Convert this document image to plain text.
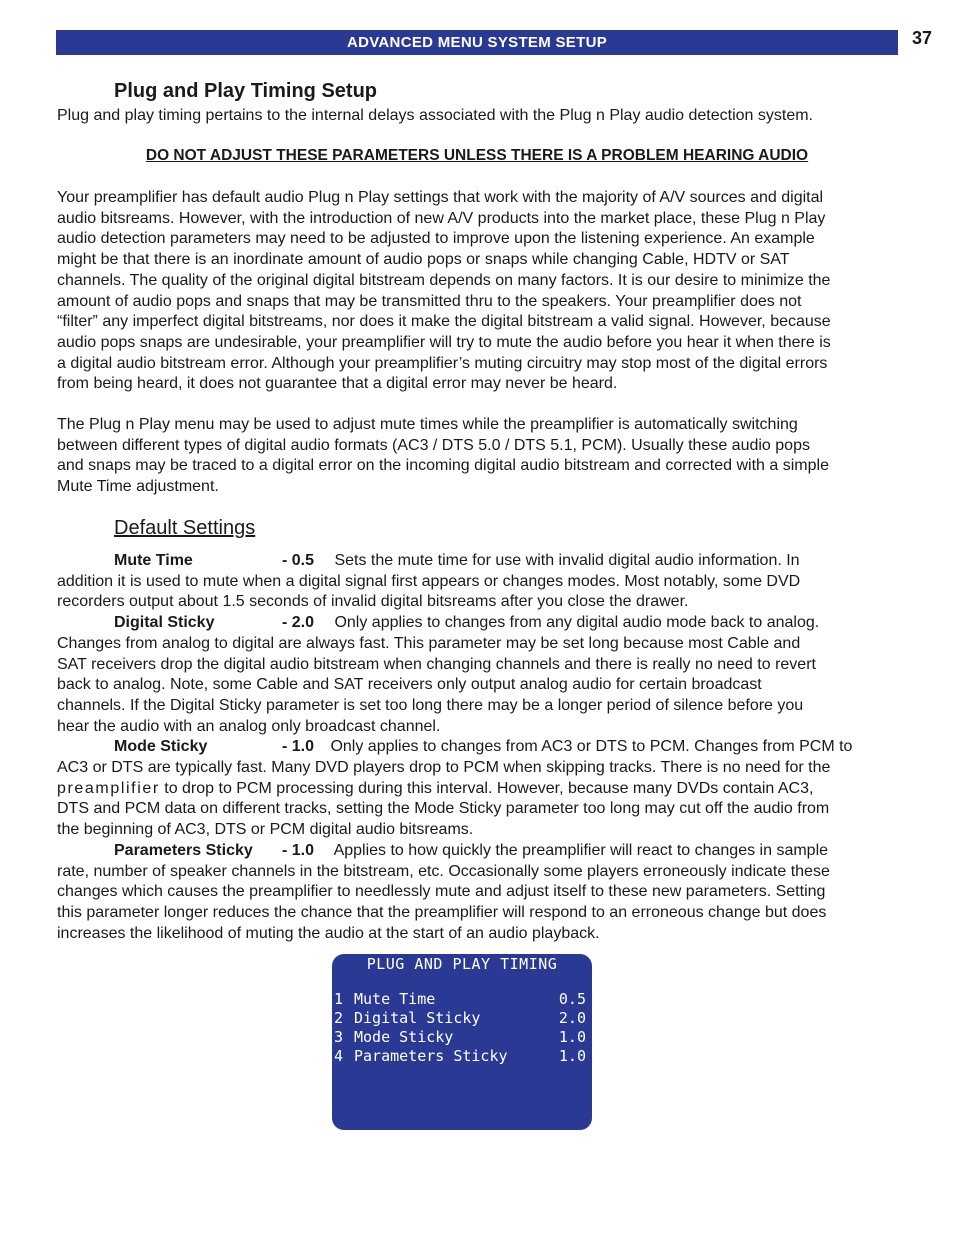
ADVANCED MENU SYSTEM SETUP	37
Plug and Play Timing Setup

Plug and play timing pertains to the internal delays associated with the Plug n Play audio detection system.

DO NOT ADJUST THESE PARAMETERS UNLESS THERE IS A PROBLEM HEARING AUDIO
Your preamplifier has default audio Plug n Play settings that work with the majority of A/V sources and digital
audio bitsreams. However, with the introduction of new A/V products into the market place, these Plug n Play
audio detection parameters may need to be adjusted to improve upon the listening experience. An example
might be that there is an inordinate amount of audio pops or snaps while changing Cable, HDTV or SAT
channels. The quality of the original digital bitstream depends on many factors. It is our desire to minimize the
amount of audio pops and snaps that may be transmitted thru to the speakers. Your preamplifier does not
“filter” any imperfect digital bitstreams, nor does it make the digital bitstream a valid signal. However, because
audio pops snaps are undesirable, your preamplifier will try to mute the audio before you hear it when there is
a digital audio bitstream error. Although your preamplifier’s muting circuitry may stop most of the digital errors
from being heard, it does not guarantee that a digital error may never be heard.
The Plug n Play menu may be used to adjust mute times while the preamplifier is automatically switching
between different types of digital audio formats (AC3 / DTS 5.0 / DTS 5.1, PCM). Usually these audio pops
and snaps may be traced to a digital error on the incoming digital audio bitstream and corrected with a simple
Mute Time adjustment.
Default Settings
Mute Time	- 0.5 Sets the mute time for use with invalid digital audio information. In
addition it is used to mute when a digital signal first appears or changes modes. Most notably, some DVD
recorders output about 1.5 seconds of invalid digital bitsreams after you close the drawer.
Digital Sticky	- 2.0 Only applies to changes from any digital audio mode back to analog.
Changes from analog to digital are always fast. This parameter may be set long because most Cable and
SAT receivers drop the digital audio bitstream when changing channels and there is really no need to revert
back to analog. Note, some Cable and SAT receivers only output analog audio for certain broadcast
channels. If the Digital Sticky parameter is set too long there may be a longer period of silence before you
hear the audio with an analog only broadcast channel.
Mode Sticky	- 1.0 Only applies to changes from AC3 or DTS to PCM. Changes from PCM to
AC3 or DTS are typically fast. Many DVD players drop to PCM when skipping tracks. There is no need for the
preamplifier to drop to PCM processing during this interval. However, because many DVDs contain AC3,
DTS and PCM data on different tracks, setting the Mode Sticky parameter too long may cut off the audio from
the beginning of AC3, DTS or PCM digital audio bitsreams.
Parameters Sticky - 1.0 Applies to how quickly the preamplifier will react to changes in sample
rate, number of speaker channels in the bitstream, etc. Occasionally some players erroneously indicate these
changes which causes the preamplifier to needlessly mute and adjust itself to these new parameters. Setting
this parameter longer reduces the chance that the preamplifier will respond to an erroneous change but does
increases the likelihood of muting the audio at the start of an audio playback.
PLUG AND PLAY TIMING
1 Mute Time	0.5
2 Digital Sticky	2.0
3 Mode Sticky	1.0
4 Parameters Sticky	1.0
